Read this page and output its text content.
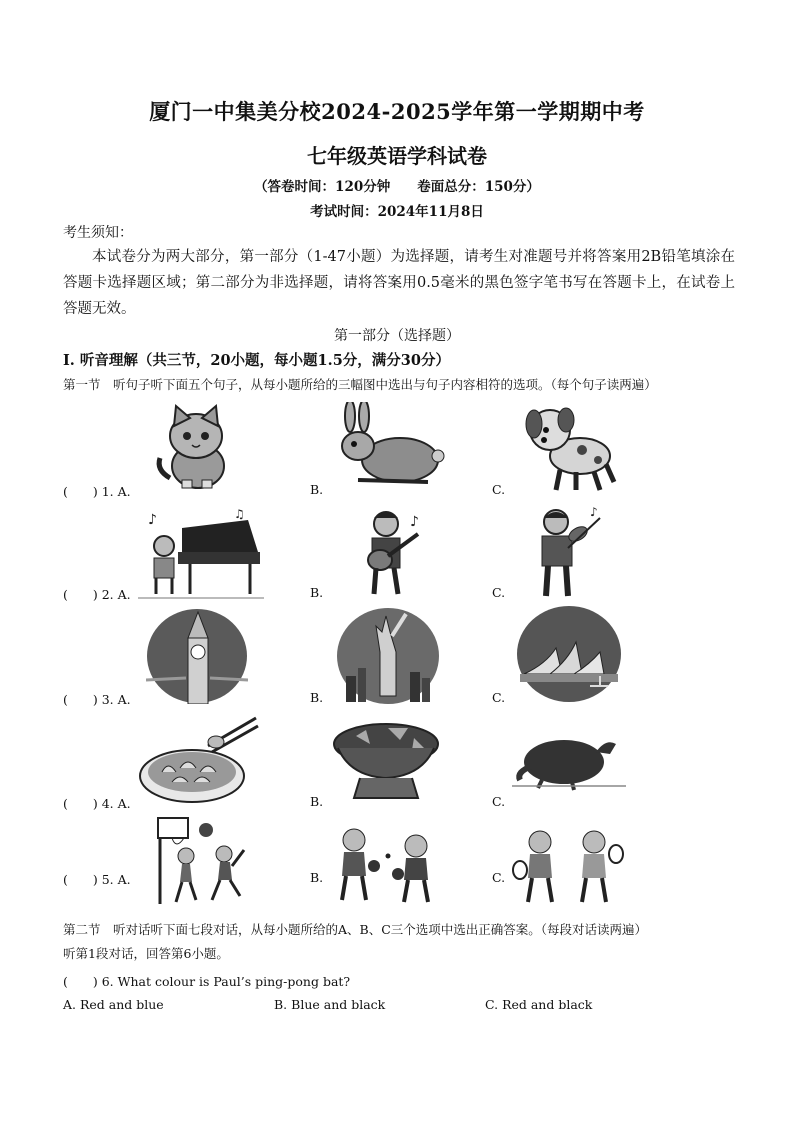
厦门一中集美分校2024-2025学年第一学期期中考
七年级英语学科试卷
（答卷时间：120分钟　　卷面总分：150分）
考试时间：2024年11月8日
考生须知：
本试卷分为两大部分，第一部分（1-47小题）为选择题，请考生对准题号并将答案用2B铅笔填涂在答题卡选择题区域；第二部分为非选择题，请将答案用0.5毫米的黑色签字笔书写在答题卡上，在试卷上答题无效。
第一部分（选择题）
Ⅰ. 听音理解（共三节，20小题，每小题1.5分，满分30分）
第一节　听句子听下面五个句子，从每小题所给的三幅图中选出与句子内容相符的选项。（每个句子读两遍）
(　　) 1. A.	B.	C.
(　　) 2. A.	B.	C.
♪	♫	♪
♪
(　　) 3. A.	B.	C.
(　　) 4. A.	B.	C.
(　　) 5. A.	B.	C.
第二节　听对话听下面七段对话，从每小题所给的A、B、C三个选项中选出正确答案。（每段对话读两遍）
听第1段对话，回答第6小题。
(　　) 6. What colour is Paul’s ping-pong bat?
A. Red and blue	B. Blue and black	C. Red and black
